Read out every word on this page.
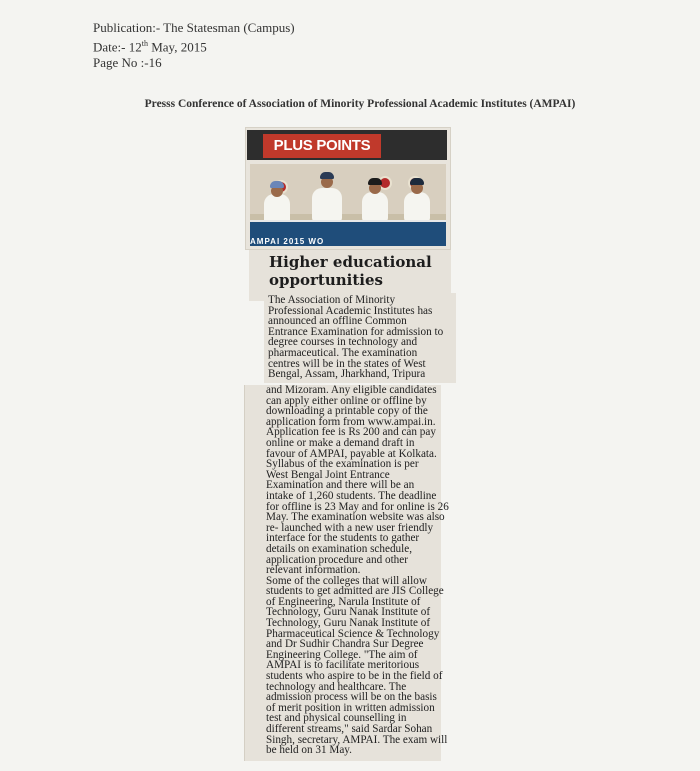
Publication:- The Statesman (Campus)
Date:- 12th May, 2015
Page No :-16
Presss Conference of Association of Minority Professional Academic Institutes (AMPAI)
PLUS POINTS
AMPAI 2015 WO
Higher educational
opportunities
The Association of Minority
Professional Academic Institutes has
announced an offline Common
Entrance Examination for admission to
degree courses in technology and
pharmaceutical. The examination
centres will be in the states of West
Bengal, Assam, Jharkhand, Tripura
and Mizoram. Any eligible candidates
can apply either online or offline by
downloading a printable copy of the
application form from www.ampai.in.
Application fee is Rs 200 and can pay
online or make a demand draft in
favour of AMPAI, payable at Kolkata.
Syllabus of the examination is per
West Bengal Joint Entrance
Examination and there will be an
intake of 1,260 students. The deadline
for offline is 23 May and for online is 26
May. The examination website was also
re- launched with a new user friendly
interface for the students to gather
details on examination schedule,
application procedure and other
relevant information.
Some of the colleges that will allow
students to get admitted are JIS College
of Engineering, Narula Institute of
Technology, Guru Nanak Institute of
Technology, Guru Nanak Institute of
Pharmaceutical Science & Technology
and Dr Sudhir Chandra Sur Degree
Engineering College. "The aim of
AMPAI is to facilitate meritorious
students who aspire to be in the field of
technology and healthcare. The
admission process will be on the basis
of merit position in written admission
test and physical counselling in
different streams," said Sardar Sohan
Singh, secretary, AMPAI. The exam will
be held on 31 May.
